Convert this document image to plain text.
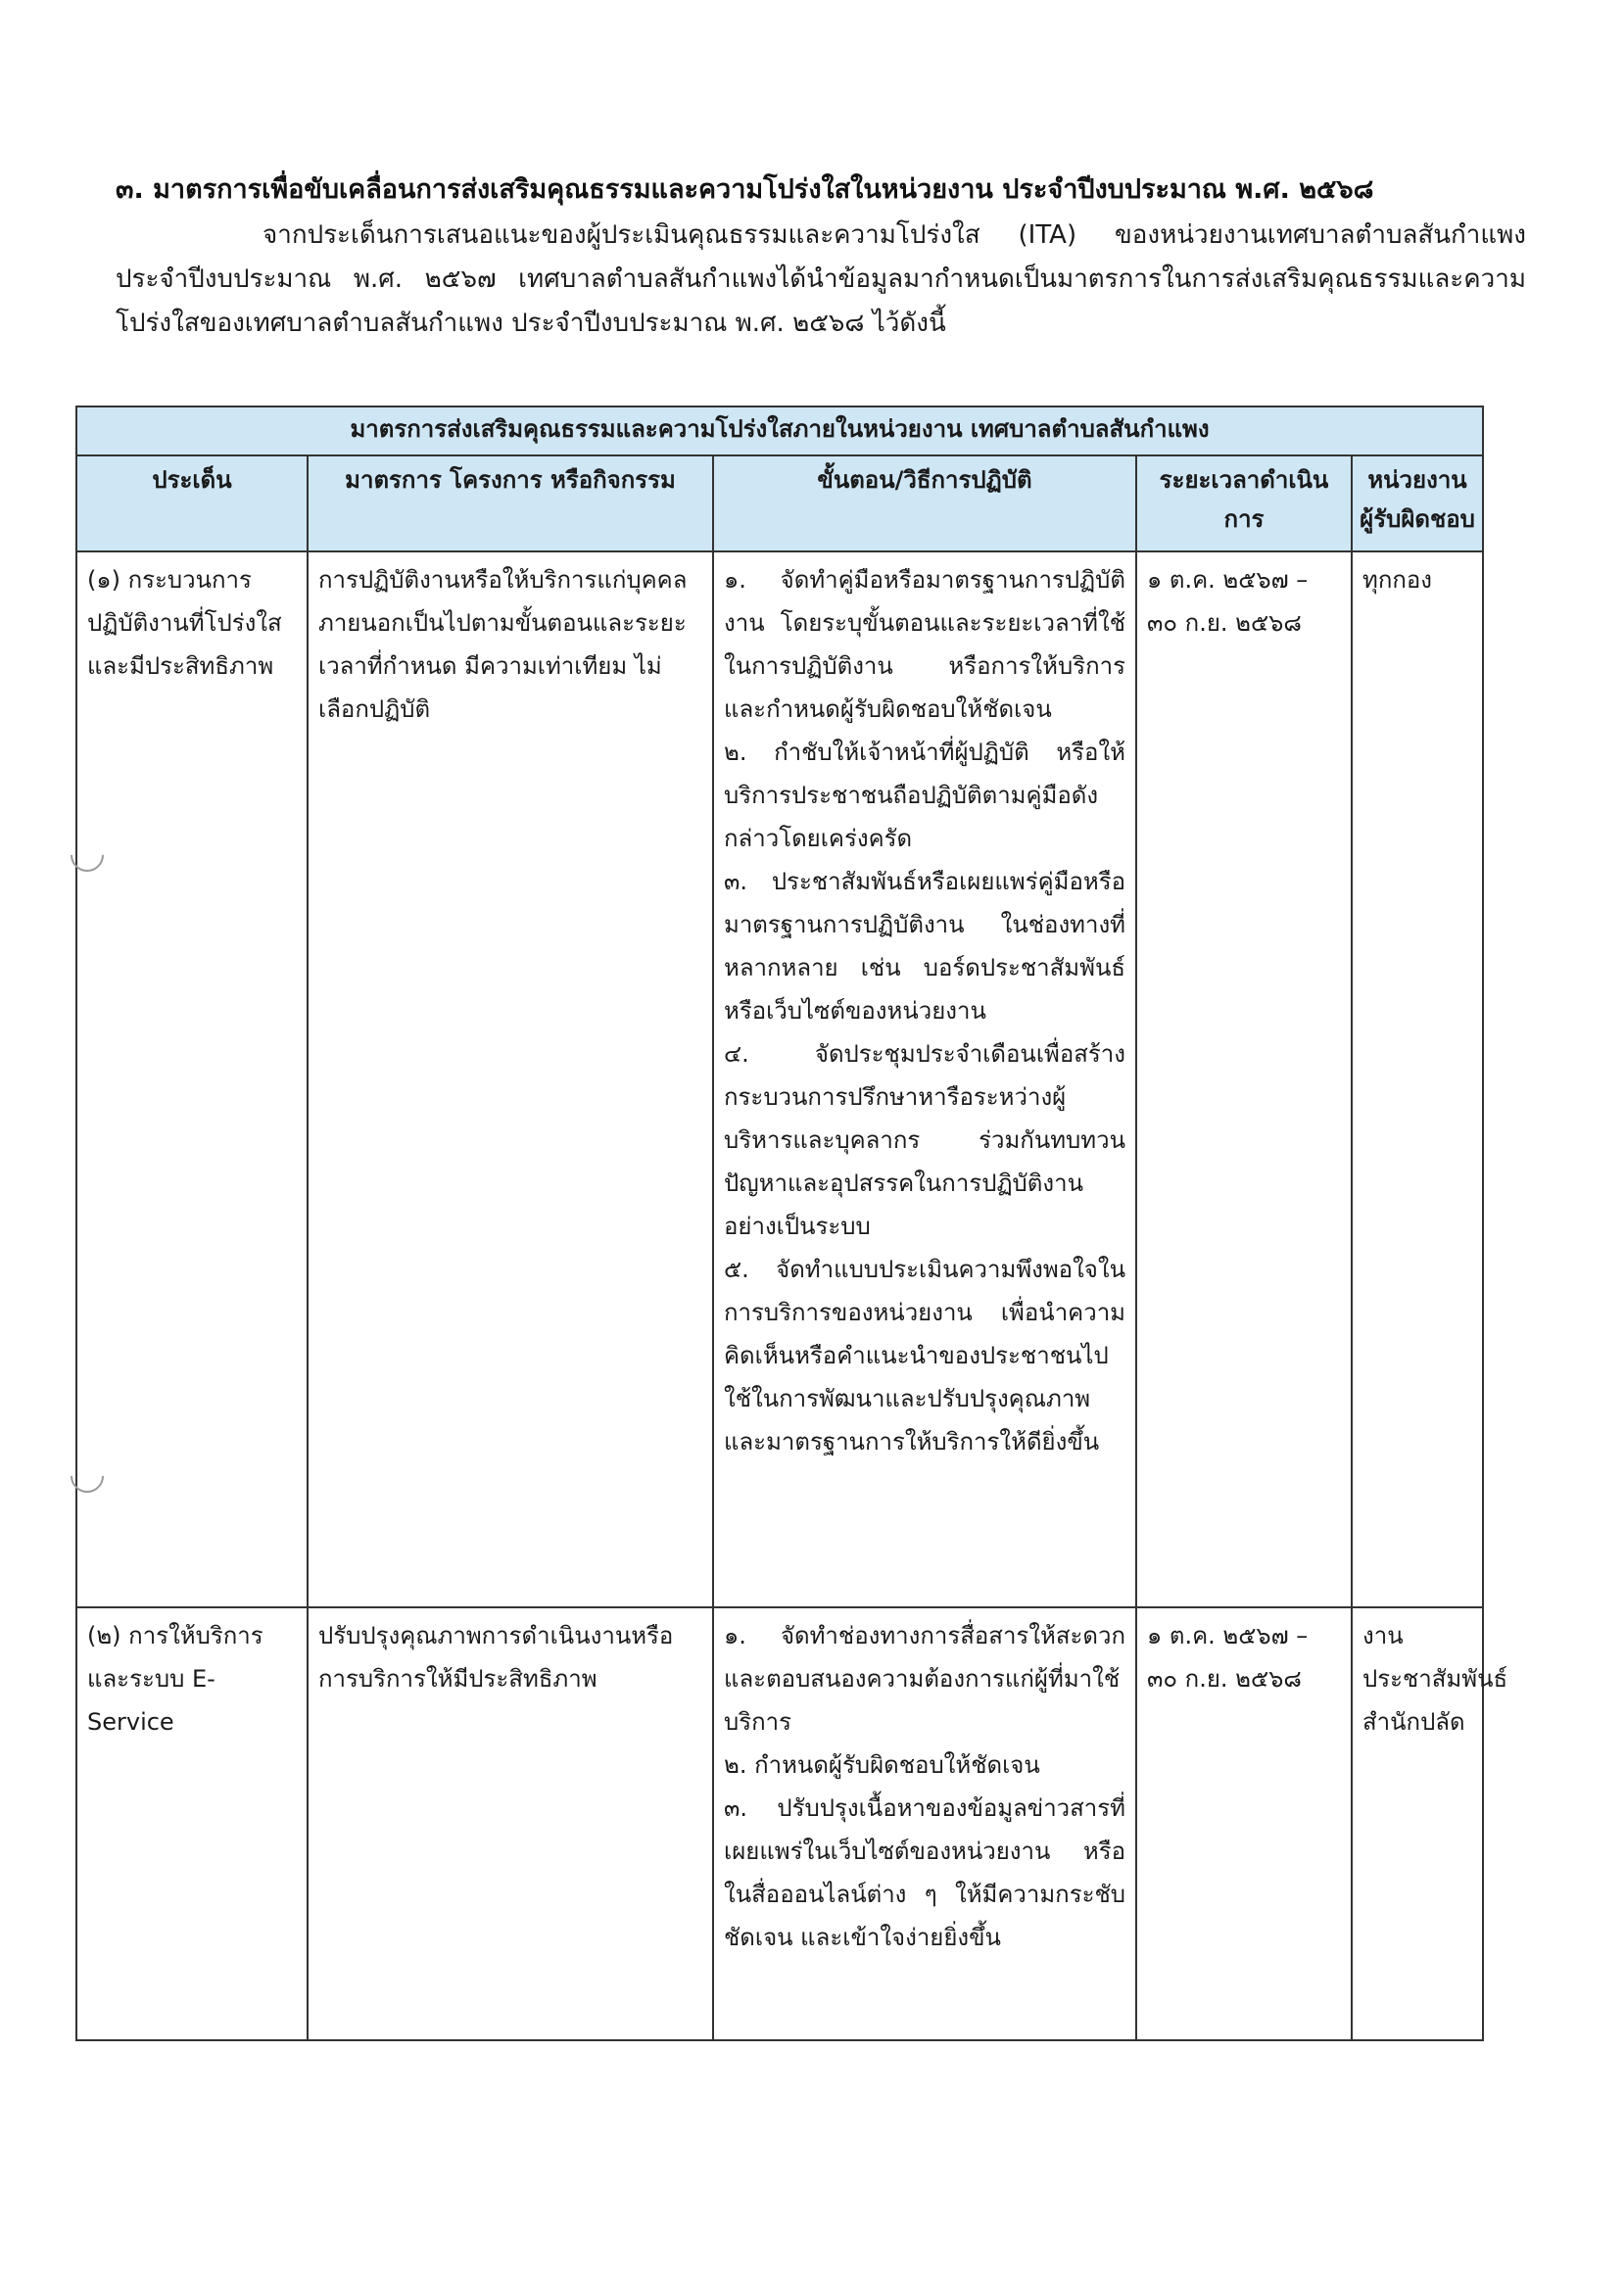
๓. มาตรการเพื่อขับเคลื่อนการส่งเสริมคุณธรรมและความโปร่งใสในหน่วยงาน ประจำปีงบประมาณ พ.ศ. ๒๕๖๘

จากประเด็นการเสนอแนะของผู้ประเมินคุณธรรมและความโปร่งใส (ITA) ของหน่วยงานเทศบาลตำบลสันกำแพง ประจำปีงบประมาณ พ.ศ. ๒๕๖๗ เทศบาลตำบลสันกำแพงได้นำข้อมูลมากำหนดเป็นมาตรการในการส่งเสริมคุณธรรมและความโปร่งใสของเทศบาลตำบลสันกำแพง ประจำปีงบประมาณ พ.ศ. ๒๕๖๘ ไว้ดังนี้

มาตรการส่งเสริมคุณธรรมและความโปร่งใสภายในหน่วยงาน เทศบาลตำบลสันกำแพง				
ประเด็น	มาตรการ โครงการ หรือกิจกรรม	ขั้นตอน/วิธีการปฏิบัติ	ระยะเวลาดำเนินการ	หน่วยงานผู้รับผิดชอบ
(๑) กระบวนการปฏิบัติงานที่โปร่งใสและมีประสิทธิภาพ	การปฏิบัติงานหรือให้บริการแก่บุคคลภายนอกเป็นไปตามขั้นตอนและระยะเวลาที่กำหนด มีความเท่าเทียม ไม่เลือกปฏิบัติ	๑. จัดทำคู่มือหรือมาตรฐานการปฏิบัติงาน โดยระบุขั้นตอนและระยะเวลาที่ใช้ในการปฏิบัติงาน หรือการให้บริการ และกำหนดผู้รับผิดชอบให้ชัดเจน
๒. กำชับให้เจ้าหน้าที่ผู้ปฏิบัติ หรือให้บริการประชาชนถือปฏิบัติตามคู่มือดังกล่าวโดยเคร่งครัด
๓. ประชาสัมพันธ์หรือเผยแพร่คู่มือหรือมาตรฐานการปฏิบัติงาน ในช่องทางที่หลากหลาย เช่น บอร์ดประชาสัมพันธ์ หรือเว็บไซต์ของหน่วยงาน
๔. จัดประชุมประจำเดือนเพื่อสร้างกระบวนการปรึกษาหารือระหว่างผู้บริหารและบุคลากร ร่วมกันทบทวนปัญหาและอุปสรรคในการปฏิบัติงานอย่างเป็นระบบ
๕. จัดทำแบบประเมินความพึงพอใจในการบริการของหน่วยงาน เพื่อนำความคิดเห็นหรือคำแนะนำของประชาชนไปใช้ในการพัฒนาและปรับปรุงคุณภาพและมาตรฐานการให้บริการให้ดียิ่งขึ้น	๑ ต.ค. ๒๕๖๗ – ๓๐ ก.ย. ๒๕๖๘	ทุกกอง
(๒) การให้บริการและระบบ E-Service	ปรับปรุงคุณภาพการดำเนินงานหรือการบริการให้มีประสิทธิภาพ	๑. จัดทำช่องทางการสื่อสารให้สะดวกและตอบสนองความต้องการแก่ผู้ที่มาใช้บริการ
๒. กำหนดผู้รับผิดชอบให้ชัดเจน
๓. ปรับปรุงเนื้อหาของข้อมูลข่าวสารที่เผยแพร่ในเว็บไซต์ของหน่วยงาน หรือในสื่อออนไลน์ต่าง ๆ ให้มีความกระชับ ชัดเจน และเข้าใจง่ายยิ่งขึ้น	๑ ต.ค. ๒๕๖๗ – ๓๐ ก.ย. ๒๕๖๘	งานประชาสัมพันธ์ สำนักปลัด
